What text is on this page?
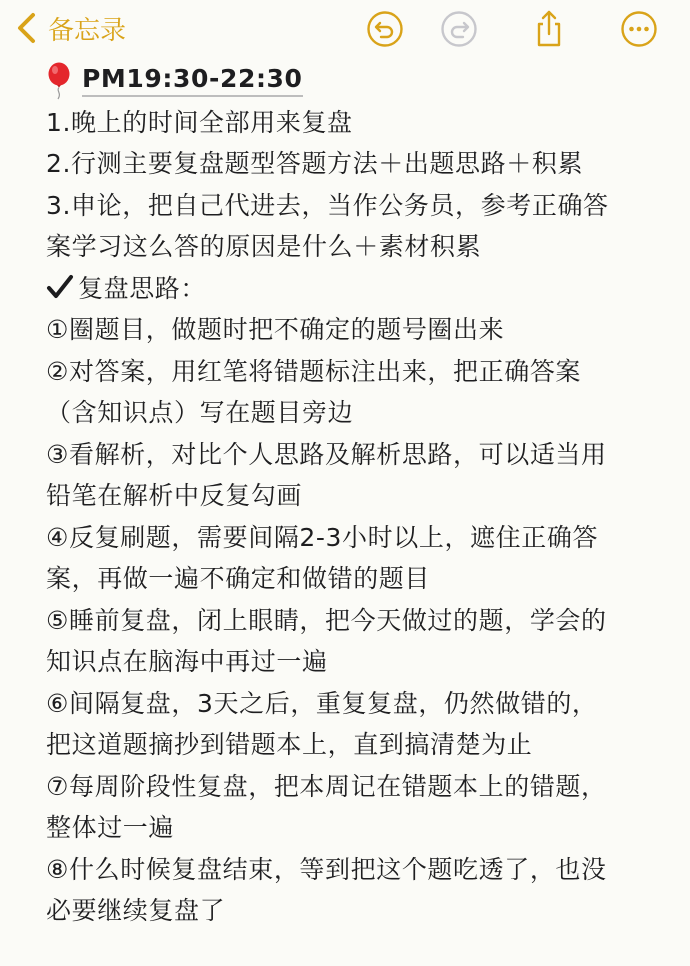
备忘录
PM19:30-22:30
1.晚上的时间全部用来复盘
2.行测主要复盘题型答题方法＋出题思路＋积累
3.申论，把自己代进去，当作公务员，参考正确答
案学习这么答的原因是什么＋素材积累
复盘思路：
①圈题目，做题时把不确定的题号圈出来
②对答案，用红笔将错题标注出来，把正确答案
（含知识点）写在题目旁边
③看解析，对比个人思路及解析思路，可以适当用
铅笔在解析中反复勾画
④反复刷题，需要间隔2-3小时以上，遮住正确答
案，再做一遍不确定和做错的题目
⑤睡前复盘，闭上眼睛，把今天做过的题，学会的
知识点在脑海中再过一遍
⑥间隔复盘，3天之后，重复复盘，仍然做错的，
把这道题摘抄到错题本上，直到搞清楚为止
⑦每周阶段性复盘，把本周记在错题本上的错题，
整体过一遍
⑧什么时候复盘结束，等到把这个题吃透了，也没
必要继续复盘了
